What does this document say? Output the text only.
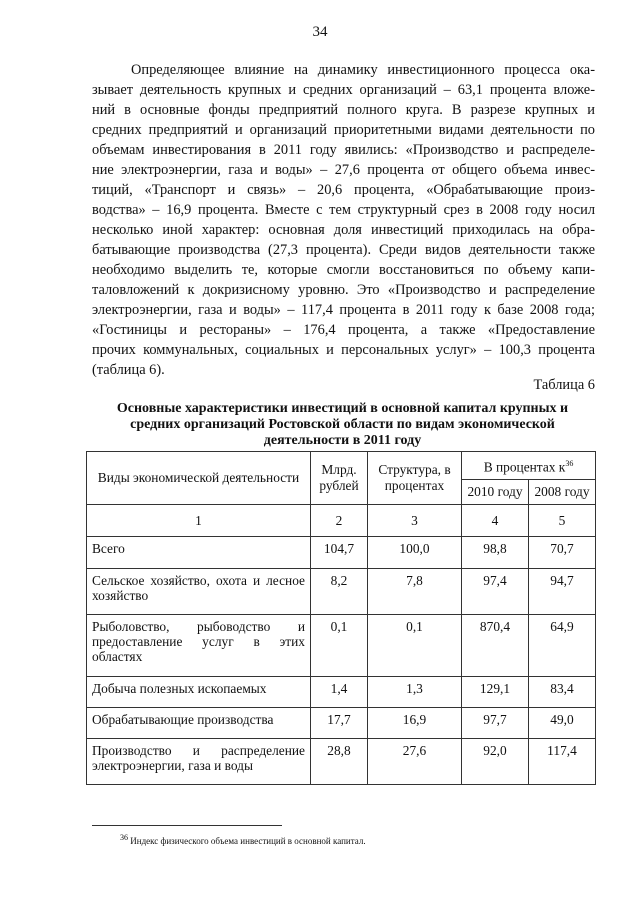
34
Определяющее влияние на динамику инвестиционного процесса ока-
зывает деятельность крупных и средних организаций – 63,1 процента вложе-
ний в основные фонды предприятий полного круга. В разрезе крупных и
средних предприятий и организаций приоритетными видами деятельности по
объемам инвестирования в 2011 году явились: «Производство и распределе-
ние электроэнергии, газа и воды» – 27,6 процента от общего объема инвес-
тиций, «Транспорт и связь» – 20,6 процента, «Обрабатывающие произ-
водства» – 16,9 процента. Вместе с тем структурный срез в 2008 году носил
несколько иной характер: основная доля инвестиций приходилась на обра-
батывающие производства (27,3 процента). Среди видов деятельности также
необходимо выделить те, которые смогли восстановиться по объему капи-
таловложений к докризисному уровню. Это «Производство и распределение
электроэнергии, газа и воды» – 117,4 процента в 2011 году к базе 2008 года;
«Гостиницы и рестораны» – 176,4 процента, а также «Предоставление
прочих коммунальных, социальных и персональных услуг» – 100,3 процента
(таблица 6).
Таблица 6
Основные характеристики инвестиций в основной капитал крупных и
средних организаций Ростовской области по видам экономической
деятельности в 2011 году
Виды экономической деятельности	Млрд. рублей	Структура, в процентах	В процентах $к^{36}$
			2010 году	2008 году
1	2	3	4	5
Всего	104,7	100,0	98,8	70,7
Сельское хозяйство, охота и лесное хозяйство	8,2	7,8	97,4	94,7
Рыболовство, рыбоводство и предоставление услуг в этих областях	0,1	0,1	870,4	64,9
Добыча полезных ископаемых	1,4	1,3	129,1	83,4
Обрабатывающие производства	17,7	16,9	97,7	49,0
Производство и распределение электроэнергии, газа и воды	28,8	27,6	92,0	117,4
36 Индекс физического объема инвестиций в основной капитал.
